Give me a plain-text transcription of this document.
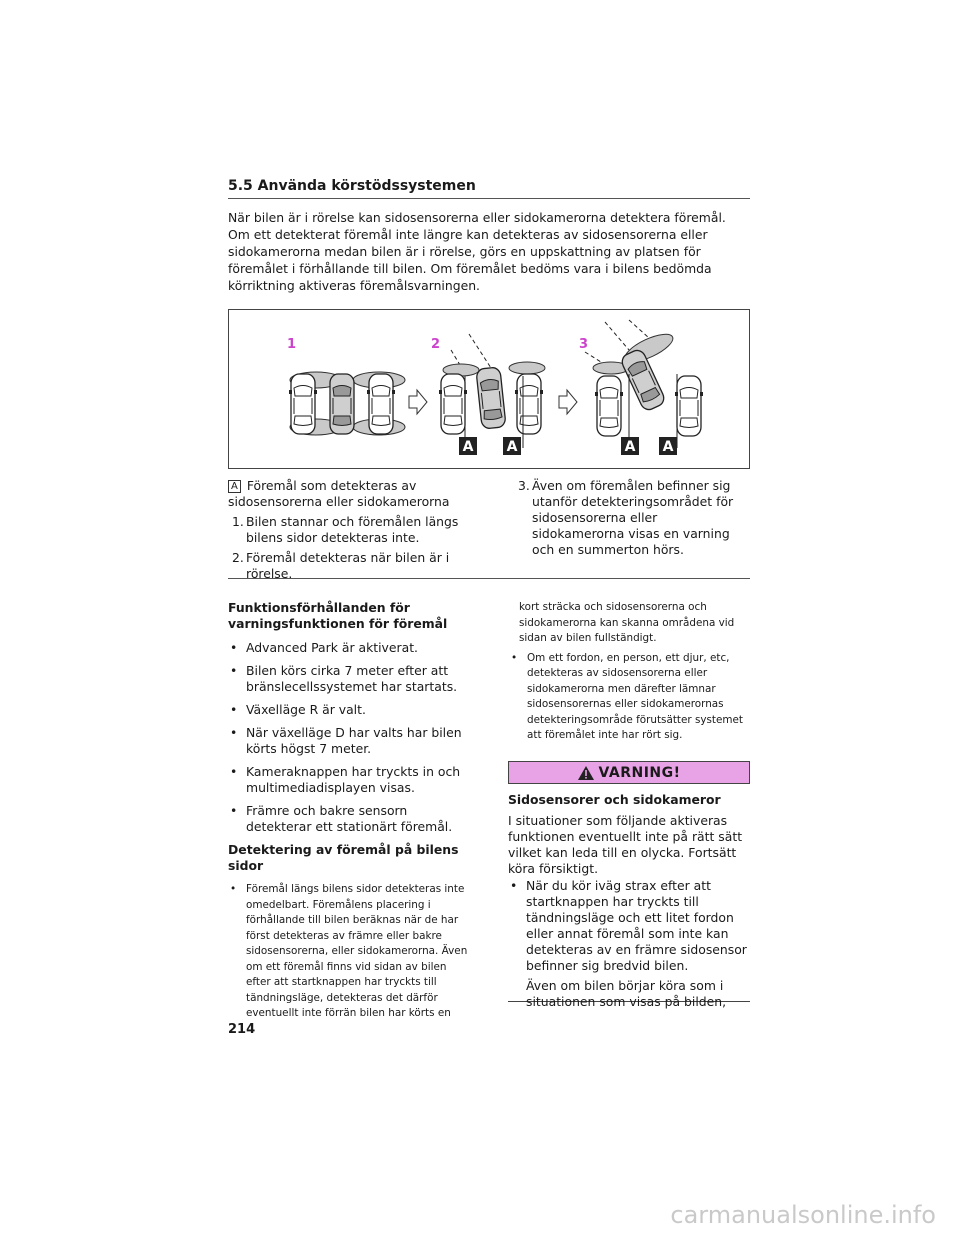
5.5 Använda körstödssystemen
När bilen är i rörelse kan sidosensorerna eller sidokamerorna detektera föremål. Om ett detekterat föremål inte längre kan detekteras av sidosensorerna eller sidokamerorna medan bilen är i rörelse, görs en uppskattning av platsen för föremålet i förhållande till bilen. Om föremålet bedöms vara i bilens bedömda körriktning aktiveras föremålsvarningen.
1	2	3
A A	A A
A Föremål som detekteras av sidosensorerna eller sidokamerorna
1. Bilen stannar och föremålen längs bilens sidor detekteras inte.
2. Föremål detekteras när bilen är i rörelse.
3. Även om föremålen befinner sig utanför detekteringsområdet för sidosensorerna eller sidokamerorna visas en varning och en summerton hörs.
Funktionsförhållanden för varningsfunktionen för föremål
• Advanced Park är aktiverat.
• Bilen körs cirka 7 meter efter att bränslecellssystemet har startats.
• Växelläge R är valt.
• När växelläge D har valts har bilen körts högst 7 meter.
• Kameraknappen har tryckts in och multimediadisplayen visas.
• Främre och bakre sensorn detekterar ett stationärt föremål.
Detektering av föremål på bilens sidor
• Föremål längs bilens sidor detekteras inte omedelbart. Föremålens placering i förhållande till bilen beräknas när de har först detekteras av främre eller bakre sidosensorerna, eller sidokamerorna. Även om ett föremål finns vid sidan av bilen efter att startknappen har tryckts till tändningsläge, detekteras det därför eventuellt inte förrän bilen har körts en
kort sträcka och sidosensorerna och sidokamerorna kan skanna områdena vid sidan av bilen fullständigt.
• Om ett fordon, en person, ett djur, etc, detekteras av sidosensorerna eller sidokamerorna men därefter lämnar sidosensorernas eller sidokamerornas detekteringsområde förutsätter systemet att föremålet inte har rört sig.
VARNING!
Sidosensorer och sidokameror

I situationer som följande aktiveras funktionen eventuellt inte på rätt sätt vilket kan leda till en olycka. Fortsätt köra försiktigt.

• När du kör iväg strax efter att startknappen har tryckts till tändningsläge och ett litet fordon eller annat föremål som inte kan detekteras av en främre sidosensor befinner sig bredvid bilen.

Även om bilen börjar köra som i situationen som visas på bilden,

214
carmanualsonline.info
